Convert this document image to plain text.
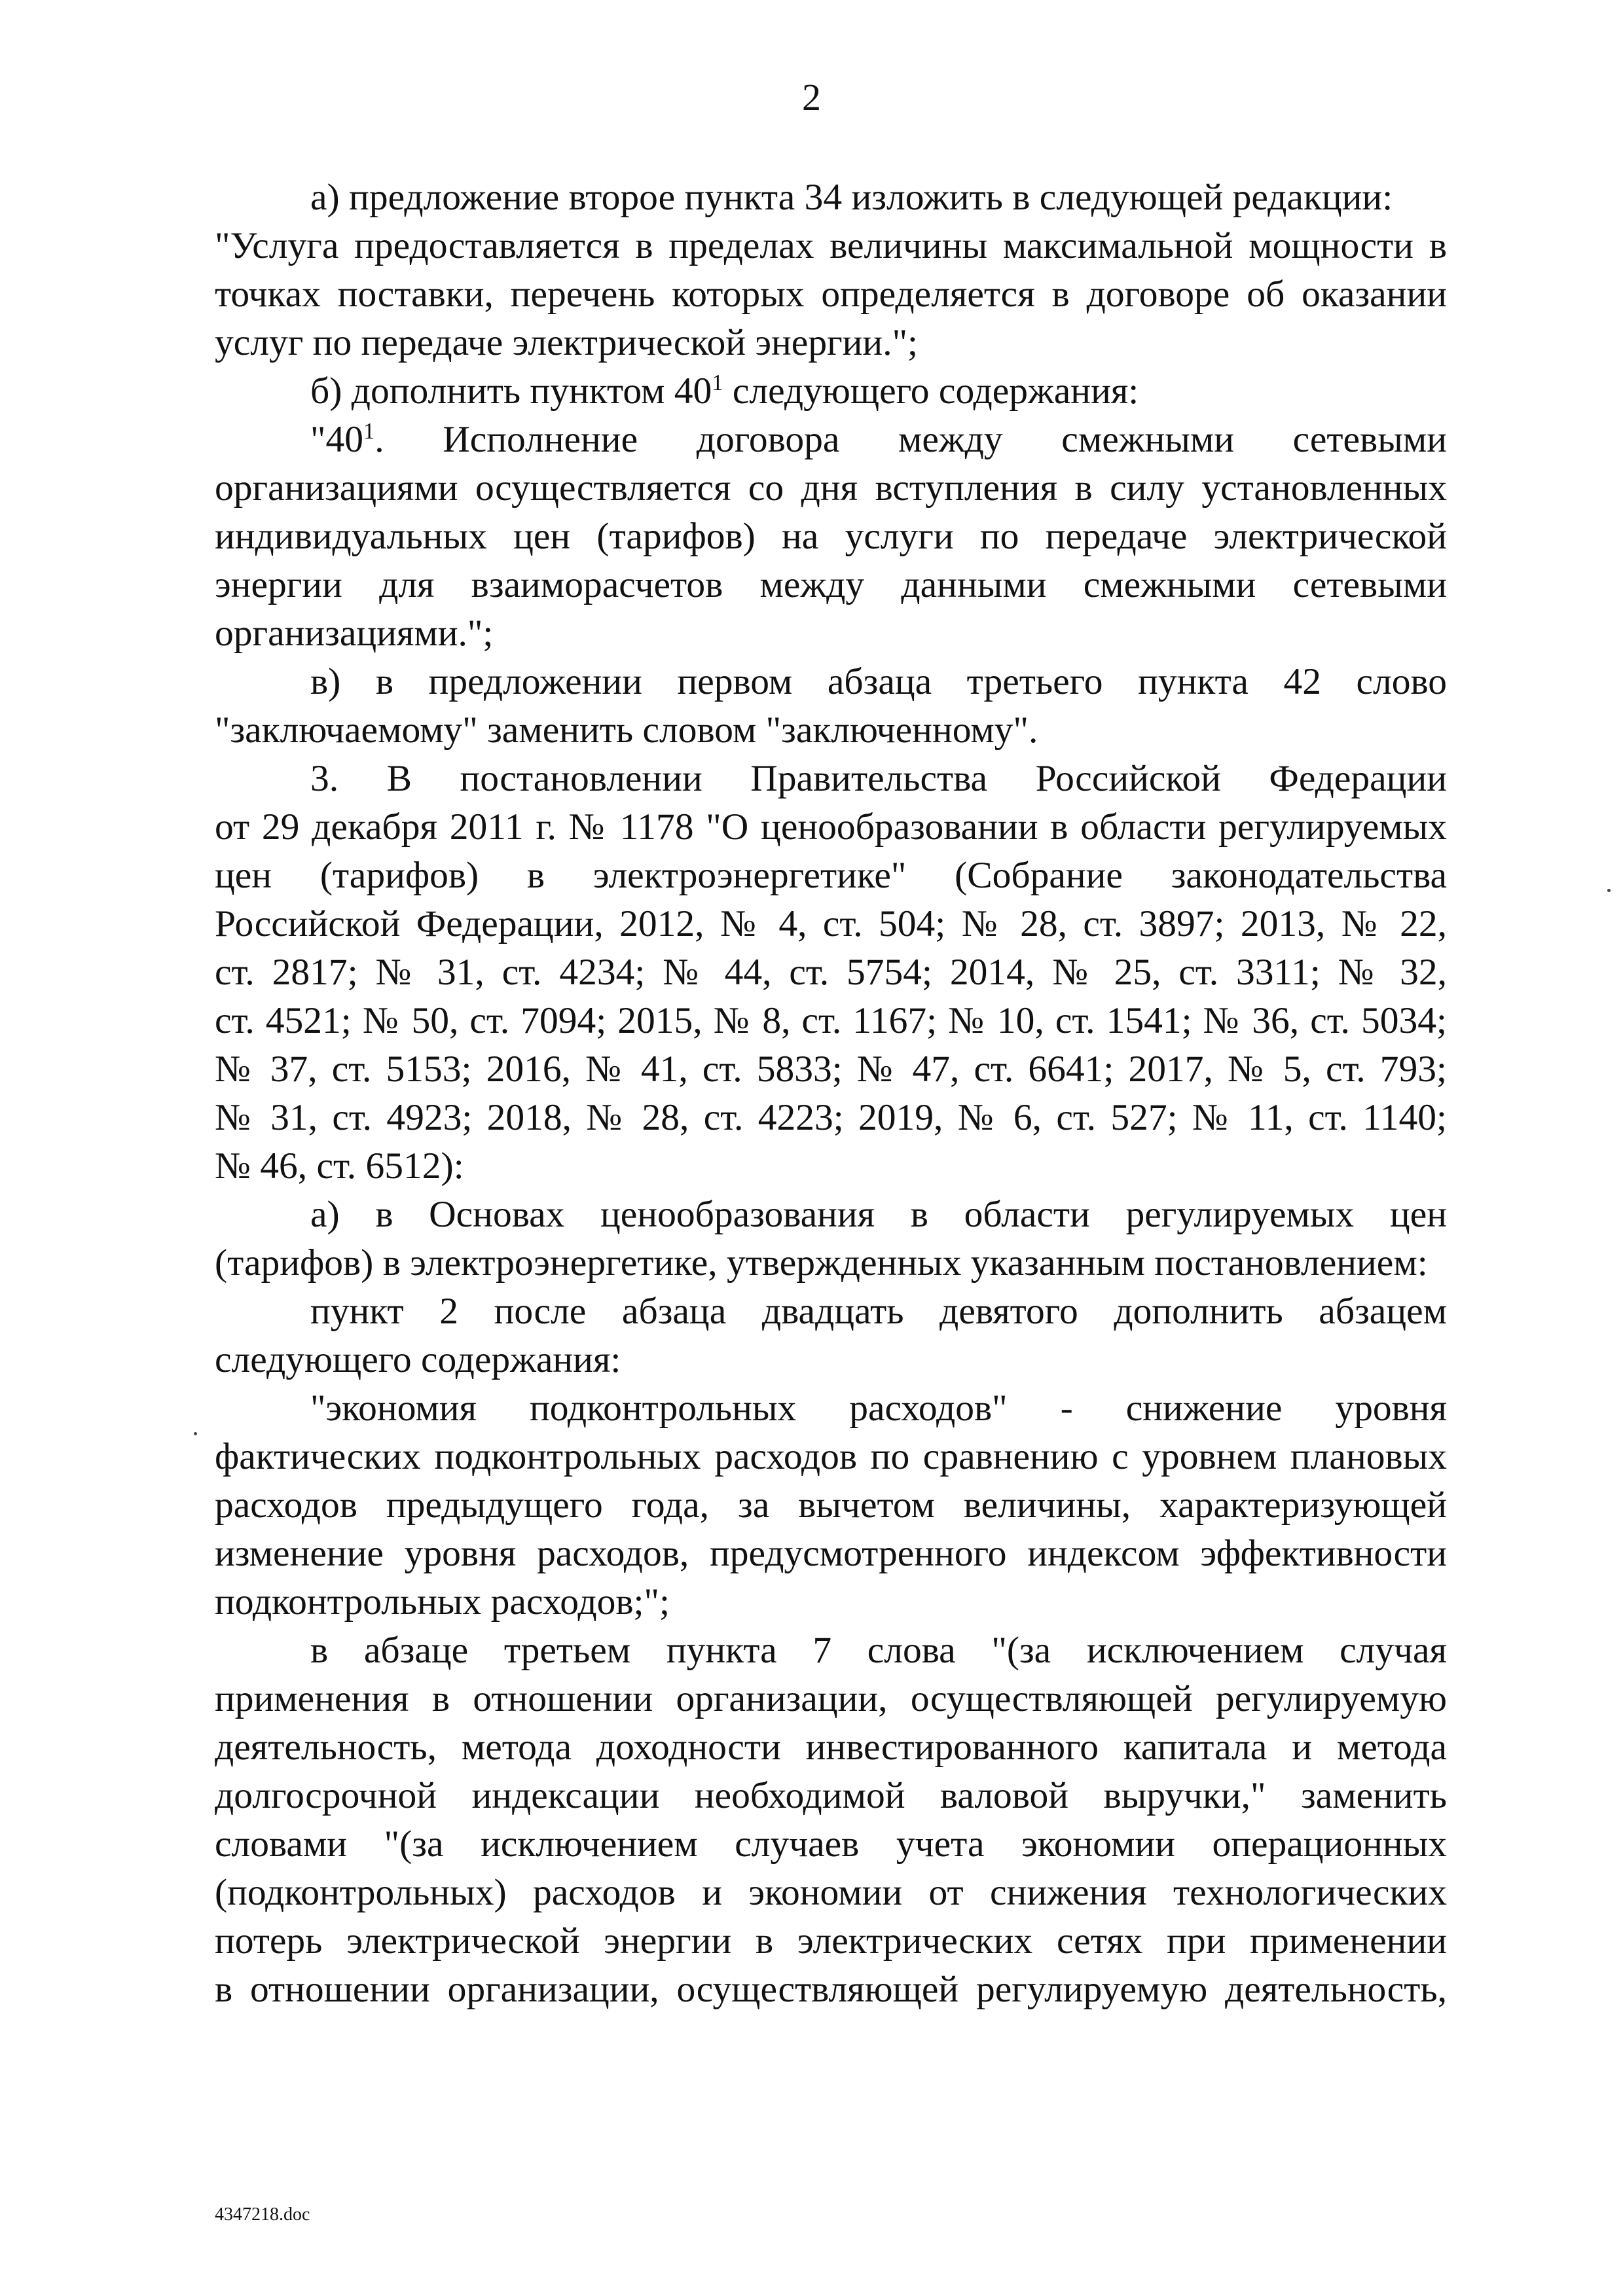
2
а) предложение второе пункта 34 изложить в следующей редакции:
"Услуга предоставляется в пределах величины максимальной мощности в
точках поставки, перечень которых определяется в договоре об оказании
услуг по передаче электрической энергии.";
б) дополнить пунктом $40^1$ следующего содержания:
"$40^1$. Исполнение договора между смежными сетевыми
организациями осуществляется со дня вступления в силу установленных
индивидуальных цен (тарифов) на услуги по передаче электрической
энергии для взаиморасчетов между данными смежными сетевыми
организациями.";
в) в предложении первом абзаца третьего пункта 42 слово
"заключаемому" заменить словом "заключенному".
3. В постановлении Правительства Российской Федерации
от 29 декабря 2011 г. № 1178 "О ценообразовании в области регулируемых
цен (тарифов) в электроэнергетике" (Собрание законодательства
Российской Федерации, 2012, № 4, ст. 504; № 28, ст. 3897; 2013, № 22,
ст. 2817; № 31, ст. 4234; № 44, ст. 5754; 2014, № 25, ст. 3311; № 32,
ст. 4521; № 50, ст. 7094; 2015, № 8, ст. 1167; № 10, ст. 1541; № 36, ст. 5034;
№ 37, ст. 5153; 2016, № 41, ст. 5833; № 47, ст. 6641; 2017, № 5, ст. 793;
№ 31, ст. 4923; 2018, № 28, ст. 4223; 2019, № 6, ст. 527; № 11, ст. 1140;
№ 46, ст. 6512):
а) в Основах ценообразования в области регулируемых цен
(тарифов) в электроэнергетике, утвержденных указанным постановлением:
пункт 2 после абзаца двадцать девятого дополнить абзацем
следующего содержания:
"экономия подконтрольных расходов" - снижение уровня
фактических подконтрольных расходов по сравнению с уровнем плановых
расходов предыдущего года, за вычетом величины, характеризующей
изменение уровня расходов, предусмотренного индексом эффективности
подконтрольных расходов;";
в абзаце третьем пункта 7 слова "(за исключением случая
применения в отношении организации, осуществляющей регулируемую
деятельность, метода доходности инвестированного капитала и метода
долгосрочной индексации необходимой валовой выручки," заменить
словами "(за исключением случаев учета экономии операционных
(подконтрольных) расходов и экономии от снижения технологических
потерь электрической энергии в электрических сетях при применении
в отношении организации, осуществляющей регулируемую деятельность,
4347218.doc
